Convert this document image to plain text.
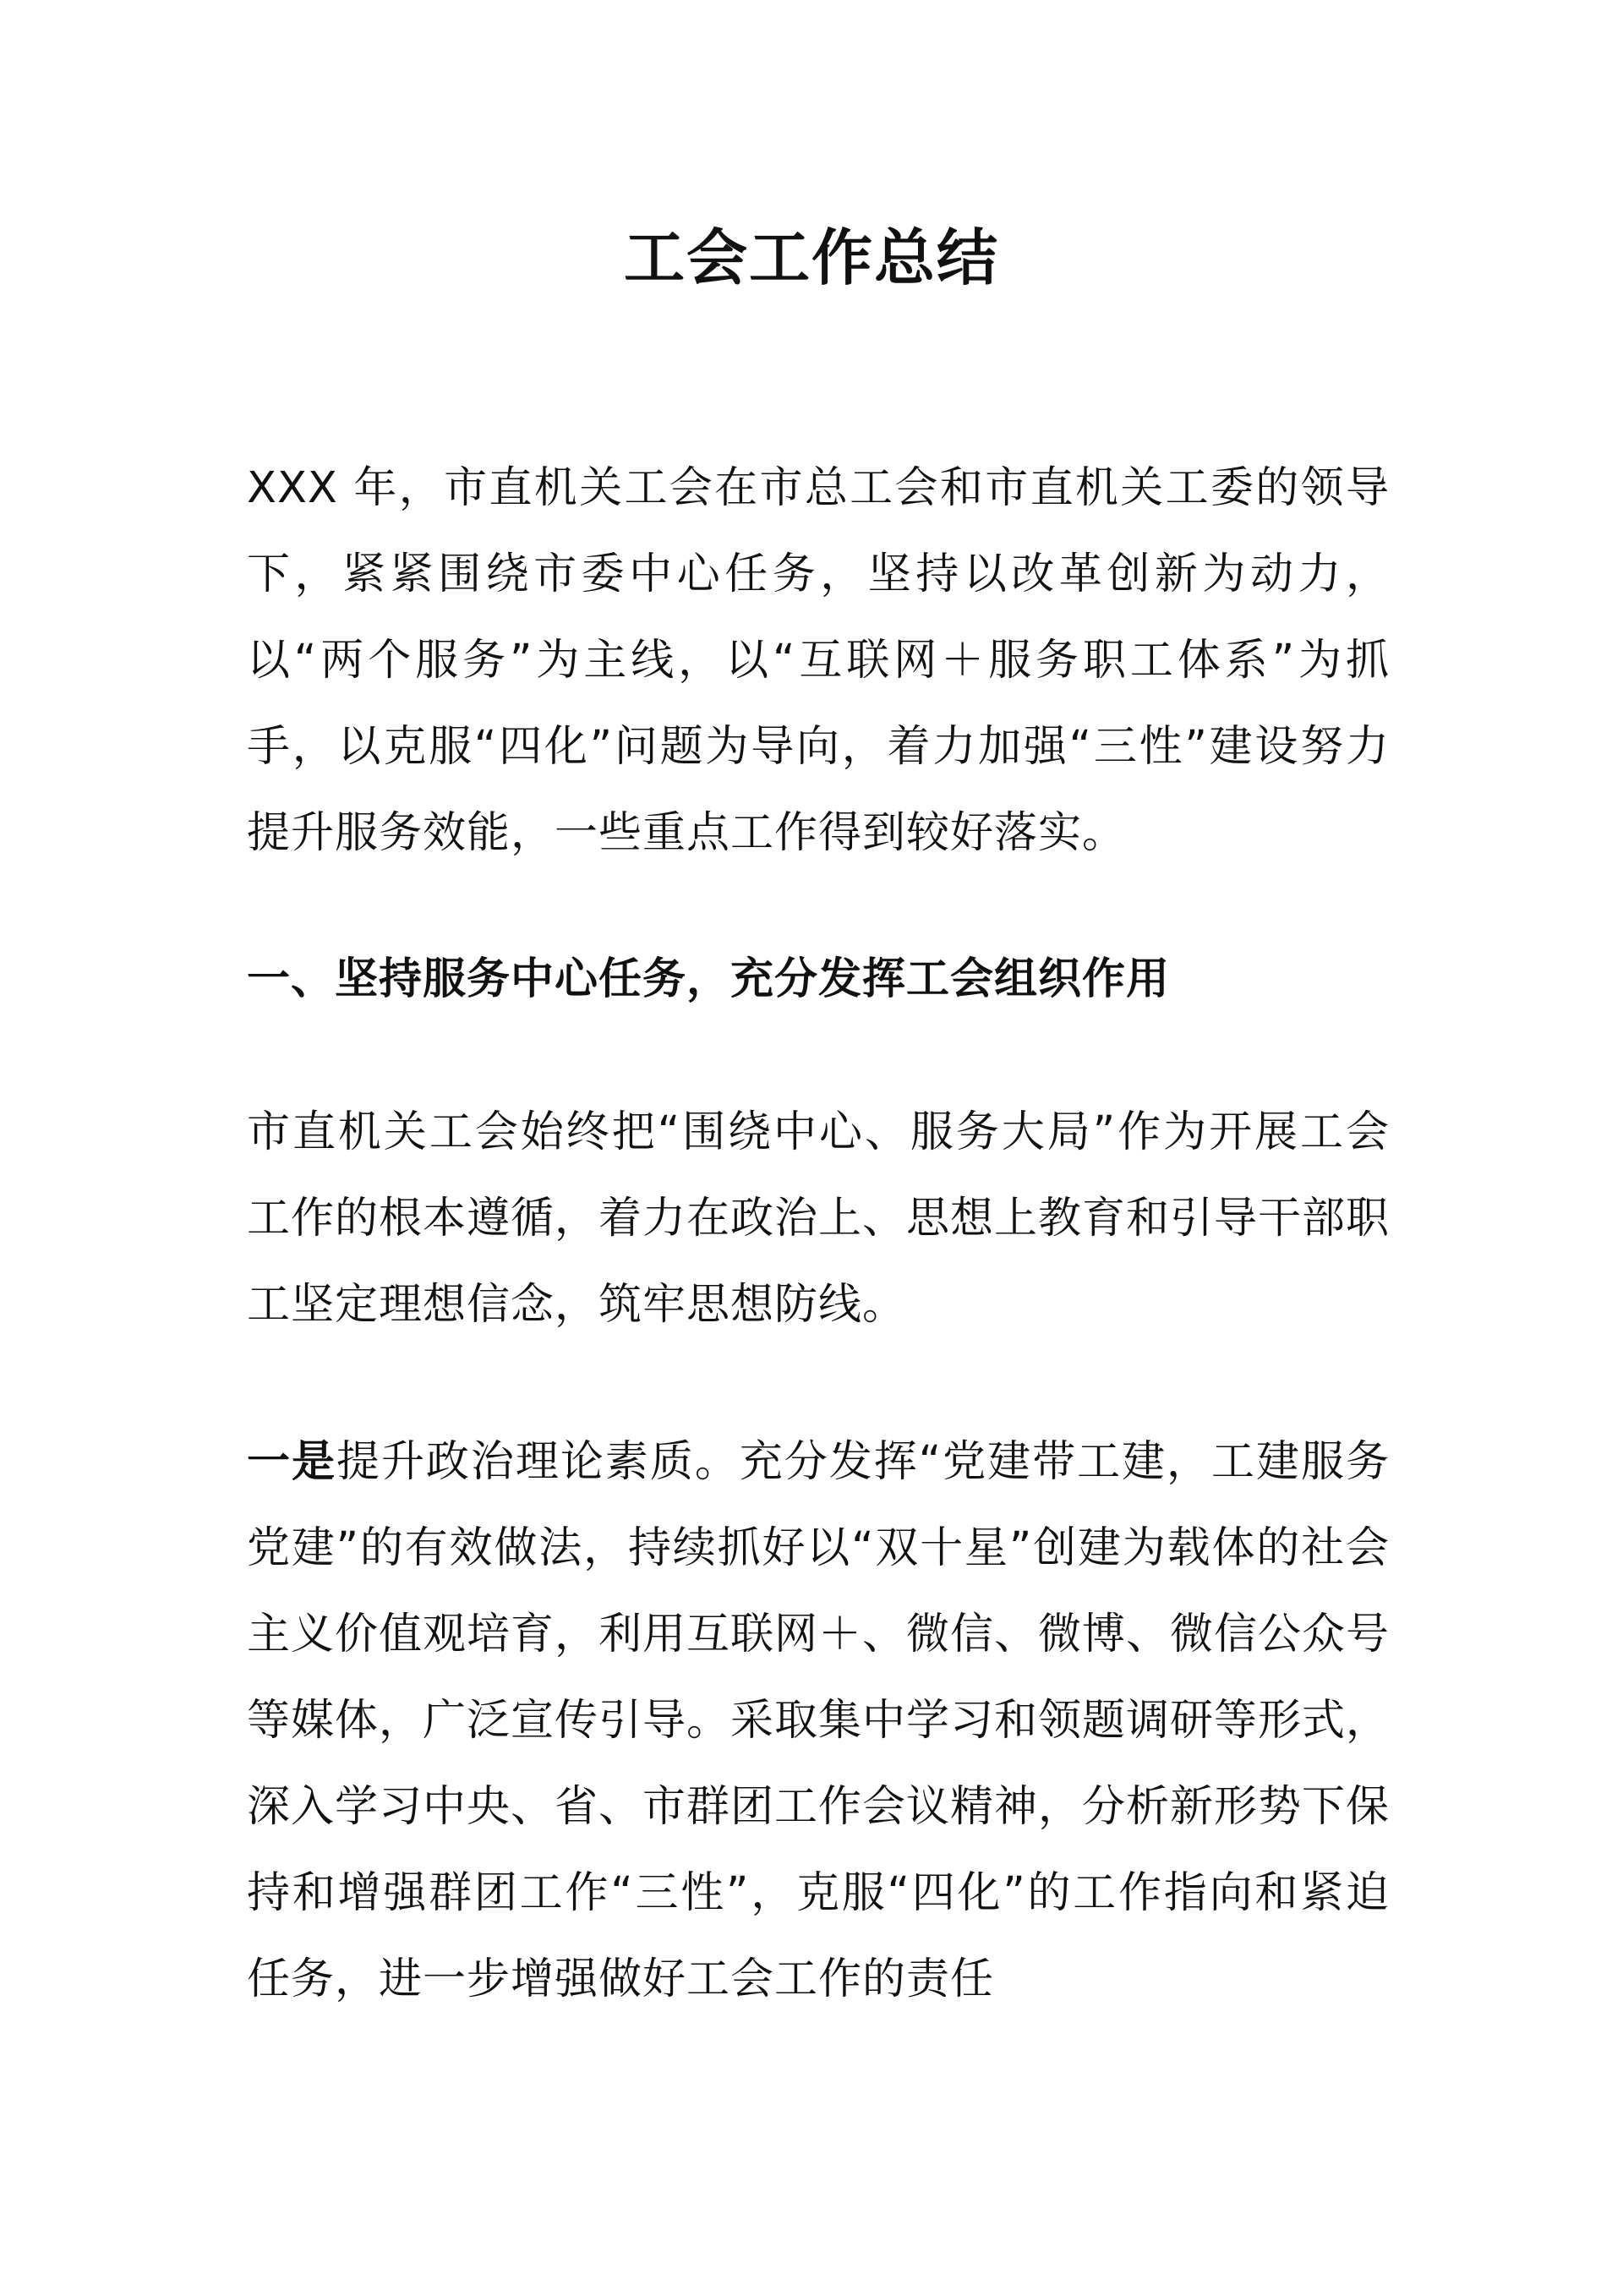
工会工作总结

XXX 年，市直机关工会在市总工会和市直机关工委的领导下，紧紧围绕市委中心任务，坚持以改革创新为动力，以“两个服务”为主线，以“互联网＋服务职工体系”为抓手，以克服“四化”问题为导向，着力加强“三性”建设努力提升服务效能，一些重点工作得到较好落实。

一、坚持服务中心任务，充分发挥工会组织作用

市直机关工会始终把“围绕中心、服务大局”作为开展工会工作的根本遵循，着力在政治上、思想上教育和引导干部职工坚定理想信念，筑牢思想防线。

一是提升政治理论素质。充分发挥“党建带工建，工建服务党建”的有效做法，持续抓好以“双十星”创建为载体的社会主义价值观培育，利用互联网＋、微信、微博、微信公众号等媒体，广泛宣传引导。采取集中学习和领题调研等形式，深入学习中央、省、市群团工作会议精神，分析新形势下保持和增强群团工作“三性”，克服“四化”的工作指向和紧迫任务，进一步增强做好工会工作的责任
